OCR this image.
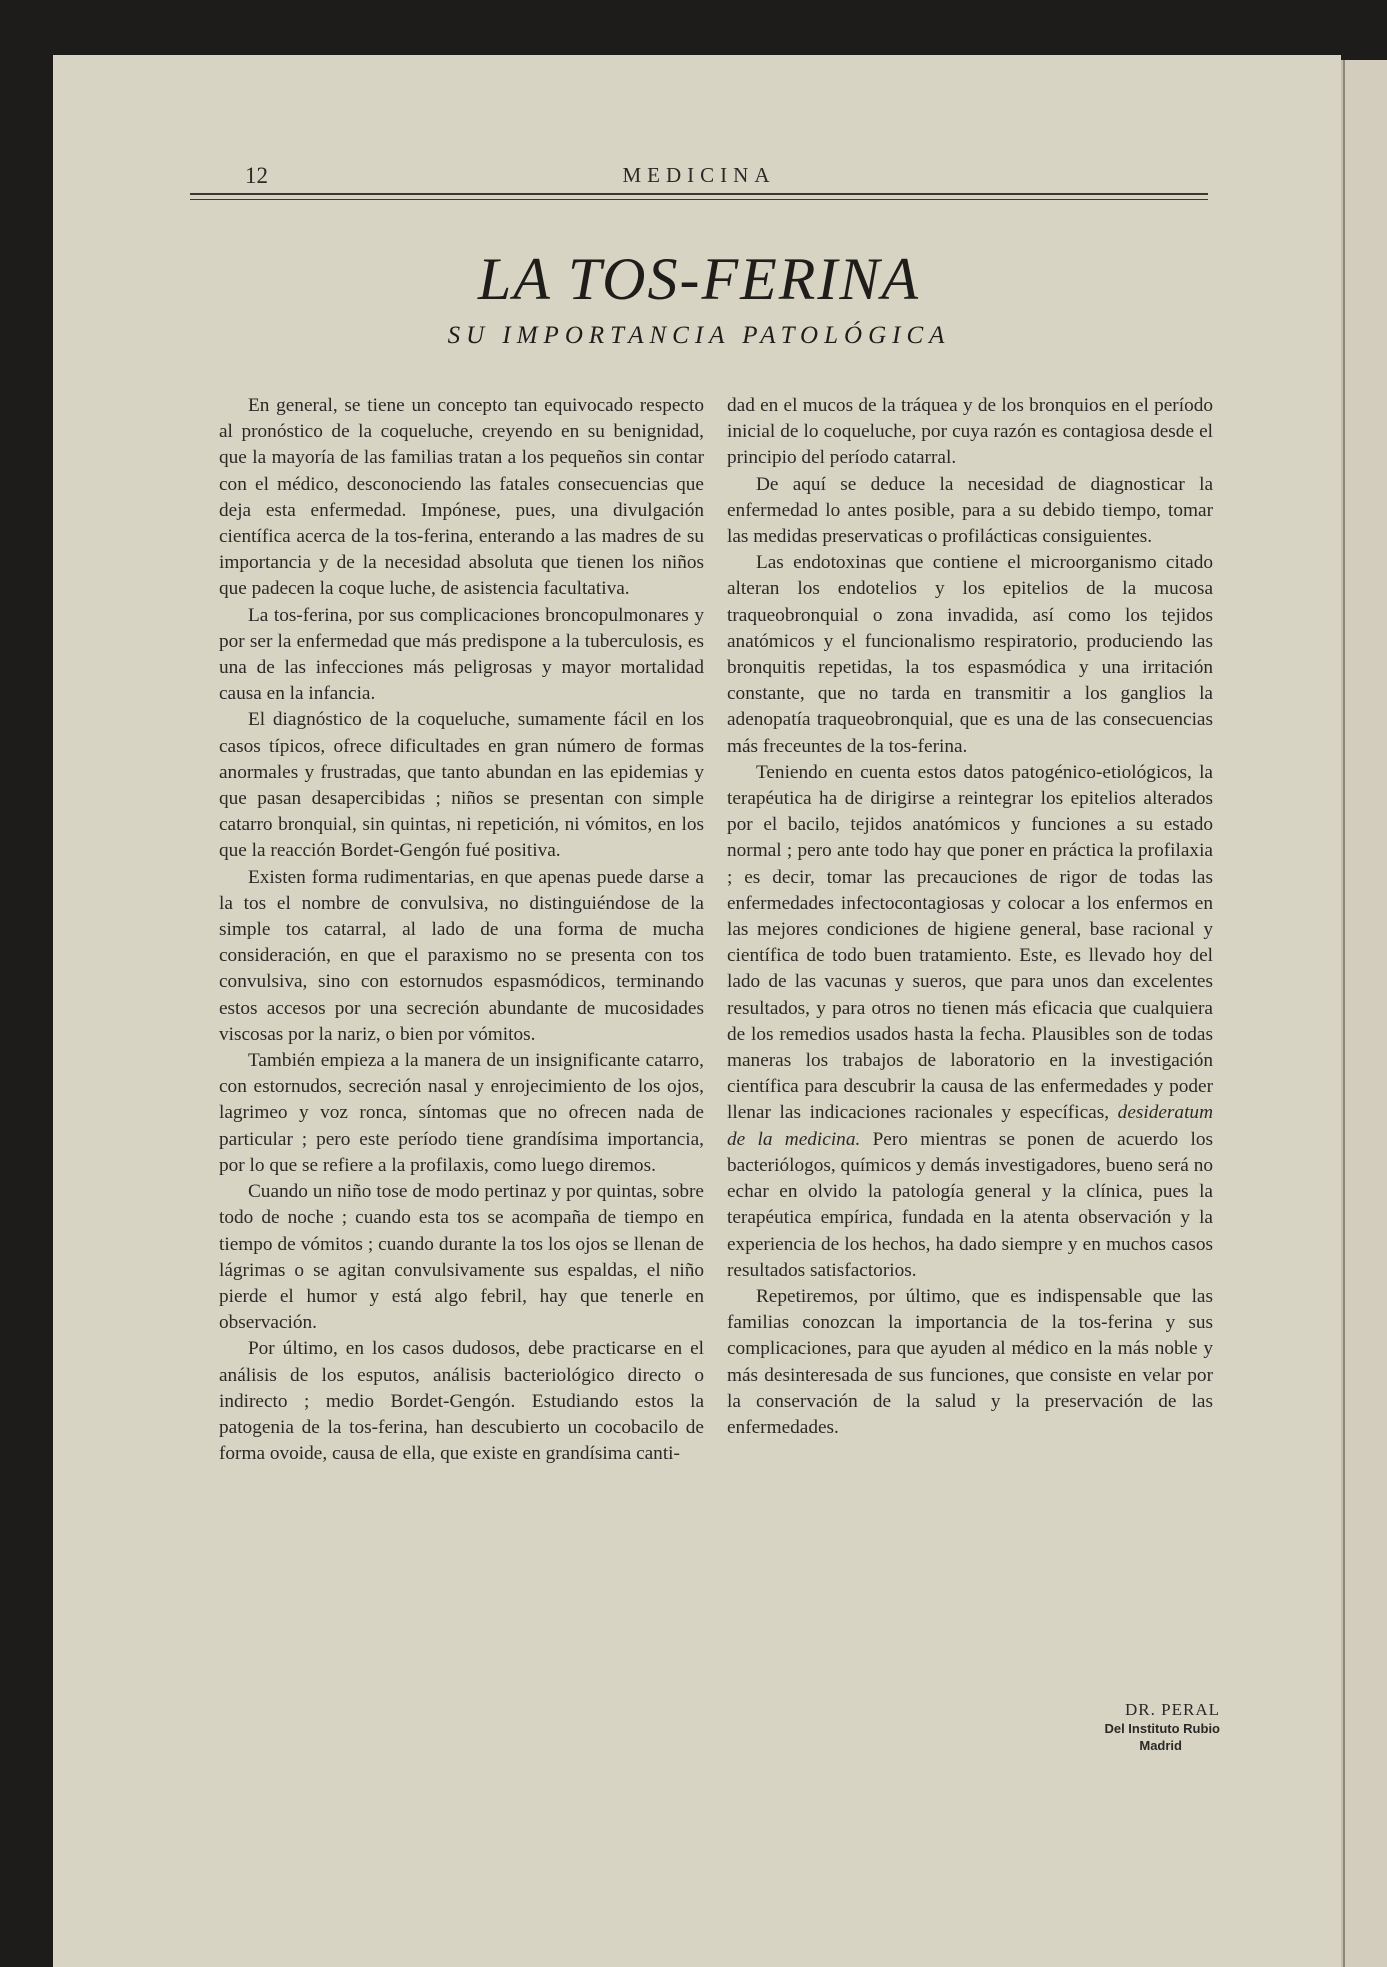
12	MEDICINA
LA TOS-FERINA
SU IMPORTANCIA PATOLÓGICA

En general, se tiene un concepto tan equivocado respecto al pronóstico de la coqueluche, creyendo en su benignidad, que la mayoría de las familias tratan a los pequeños sin contar con el médico, desconociendo las fatales consecuencias que deja esta enfermedad. Impónese, pues, una divulgación científica acerca de la tos-ferina, enterando a las madres de su importancia y de la necesidad absoluta que tienen los niños que padecen la coque luche, de asistencia facultativa.

La tos-ferina, por sus complicaciones broncopulmonares y por ser la enfermedad que más predispone a la tuberculosis, es una de las infecciones más peligrosas y mayor mortalidad causa en la infancia.

El diagnóstico de la coqueluche, sumamente fácil en los casos típicos, ofrece dificultades en gran número de formas anormales y frustradas, que tanto abundan en las epidemias y que pasan desapercibidas ; niños se presentan con simple catarro bronquial, sin quintas, ni repetición, ni vómitos, en los que la reacción Bordet-Gengón fué positiva.

Existen forma rudimentarias, en que apenas puede darse a la tos el nombre de convulsiva, no distinguiéndose de la simple tos catarral, al lado de una forma de mucha consideración, en que el paraxismo no se presenta con tos convulsiva, sino con estornudos espasmódicos, terminando estos accesos por una secreción abundante de mucosidades viscosas por la nariz, o bien por vómitos.

También empieza a la manera de un insignificante catarro, con estornudos, secreción nasal y enrojecimiento de los ojos, lagrimeo y voz ronca, síntomas que no ofrecen nada de particular ; pero este período tiene grandísima importancia, por lo que se refiere a la profilaxis, como luego diremos.

Cuando un niño tose de modo pertinaz y por quintas, sobre todo de noche ; cuando esta tos se acompaña de tiempo en tiempo de vómitos ; cuando durante la tos los ojos se llenan de lágrimas o se agitan convulsivamente sus espaldas, el niño pierde el humor y está algo febril, hay que tenerle en observación.

Por último, en los casos dudosos, debe practicarse en el análisis de los esputos, análisis bacteriológico directo o indirecto ; medio Bordet-Gengón. Estudiando estos la patogenia de la tos-ferina, han descubierto un cocobacilo de forma ovoide, causa de ella, que existe en grandísima canti-

dad en el mucos de la tráquea y de los bronquios en el período inicial de lo coqueluche, por cuya razón es contagiosa desde el principio del período catarral.

De aquí se deduce la necesidad de diagnosticar la enfermedad lo antes posible, para a su debido tiempo, tomar las medidas preservaticas o profilácticas consiguientes.

Las endotoxinas que contiene el microorganismo citado alteran los endotelios y los epitelios de la mucosa traqueobronquial o zona invadida, así como los tejidos anatómicos y el funcionalismo respiratorio, produciendo las bronquitis repetidas, la tos espasmódica y una irritación constante, que no tarda en transmitir a los ganglios la adenopatía traqueobronquial, que es una de las consecuencias más freceuntes de la tos-ferina.

Teniendo en cuenta estos datos patogénico-etiológicos, la terapéutica ha de dirigirse a reintegrar los epitelios alterados por el bacilo, tejidos anatómicos y funciones a su estado normal ; pero ante todo hay que poner en práctica la profilaxia ; es decir, tomar las precauciones de rigor de todas las enfermedades infectocontagiosas y colocar a los enfermos en las mejores condiciones de higiene general, base racional y científica de todo buen tratamiento. Este, es llevado hoy del lado de las vacunas y sueros, que para unos dan excelentes resultados, y para otros no tienen más eficacia que cualquiera de los remedios usados hasta la fecha. Plausibles son de todas maneras los trabajos de laboratorio en la investigación científica para descubrir la causa de las enfermedades y poder llenar las indicaciones racionales y específicas, desideratum de la medicina. Pero mientras se ponen de acuerdo los bacteriólogos, químicos y demás investigadores, bueno será no echar en olvido la patología general y la clínica, pues la terapéutica empírica, fundada en la atenta observación y la experiencia de los hechos, ha dado siempre y en muchos casos resultados satisfactorios.

Repetiremos, por último, que es indispensable que las familias conozcan la importancia de la tos-ferina y sus complicaciones, para que ayuden al médico en la más noble y más desinteresada de sus funciones, que consiste en velar por la conservación de la salud y la preservación de las enfermedades.

DR. PERAL
Del Instituto Rubio
Madrid
